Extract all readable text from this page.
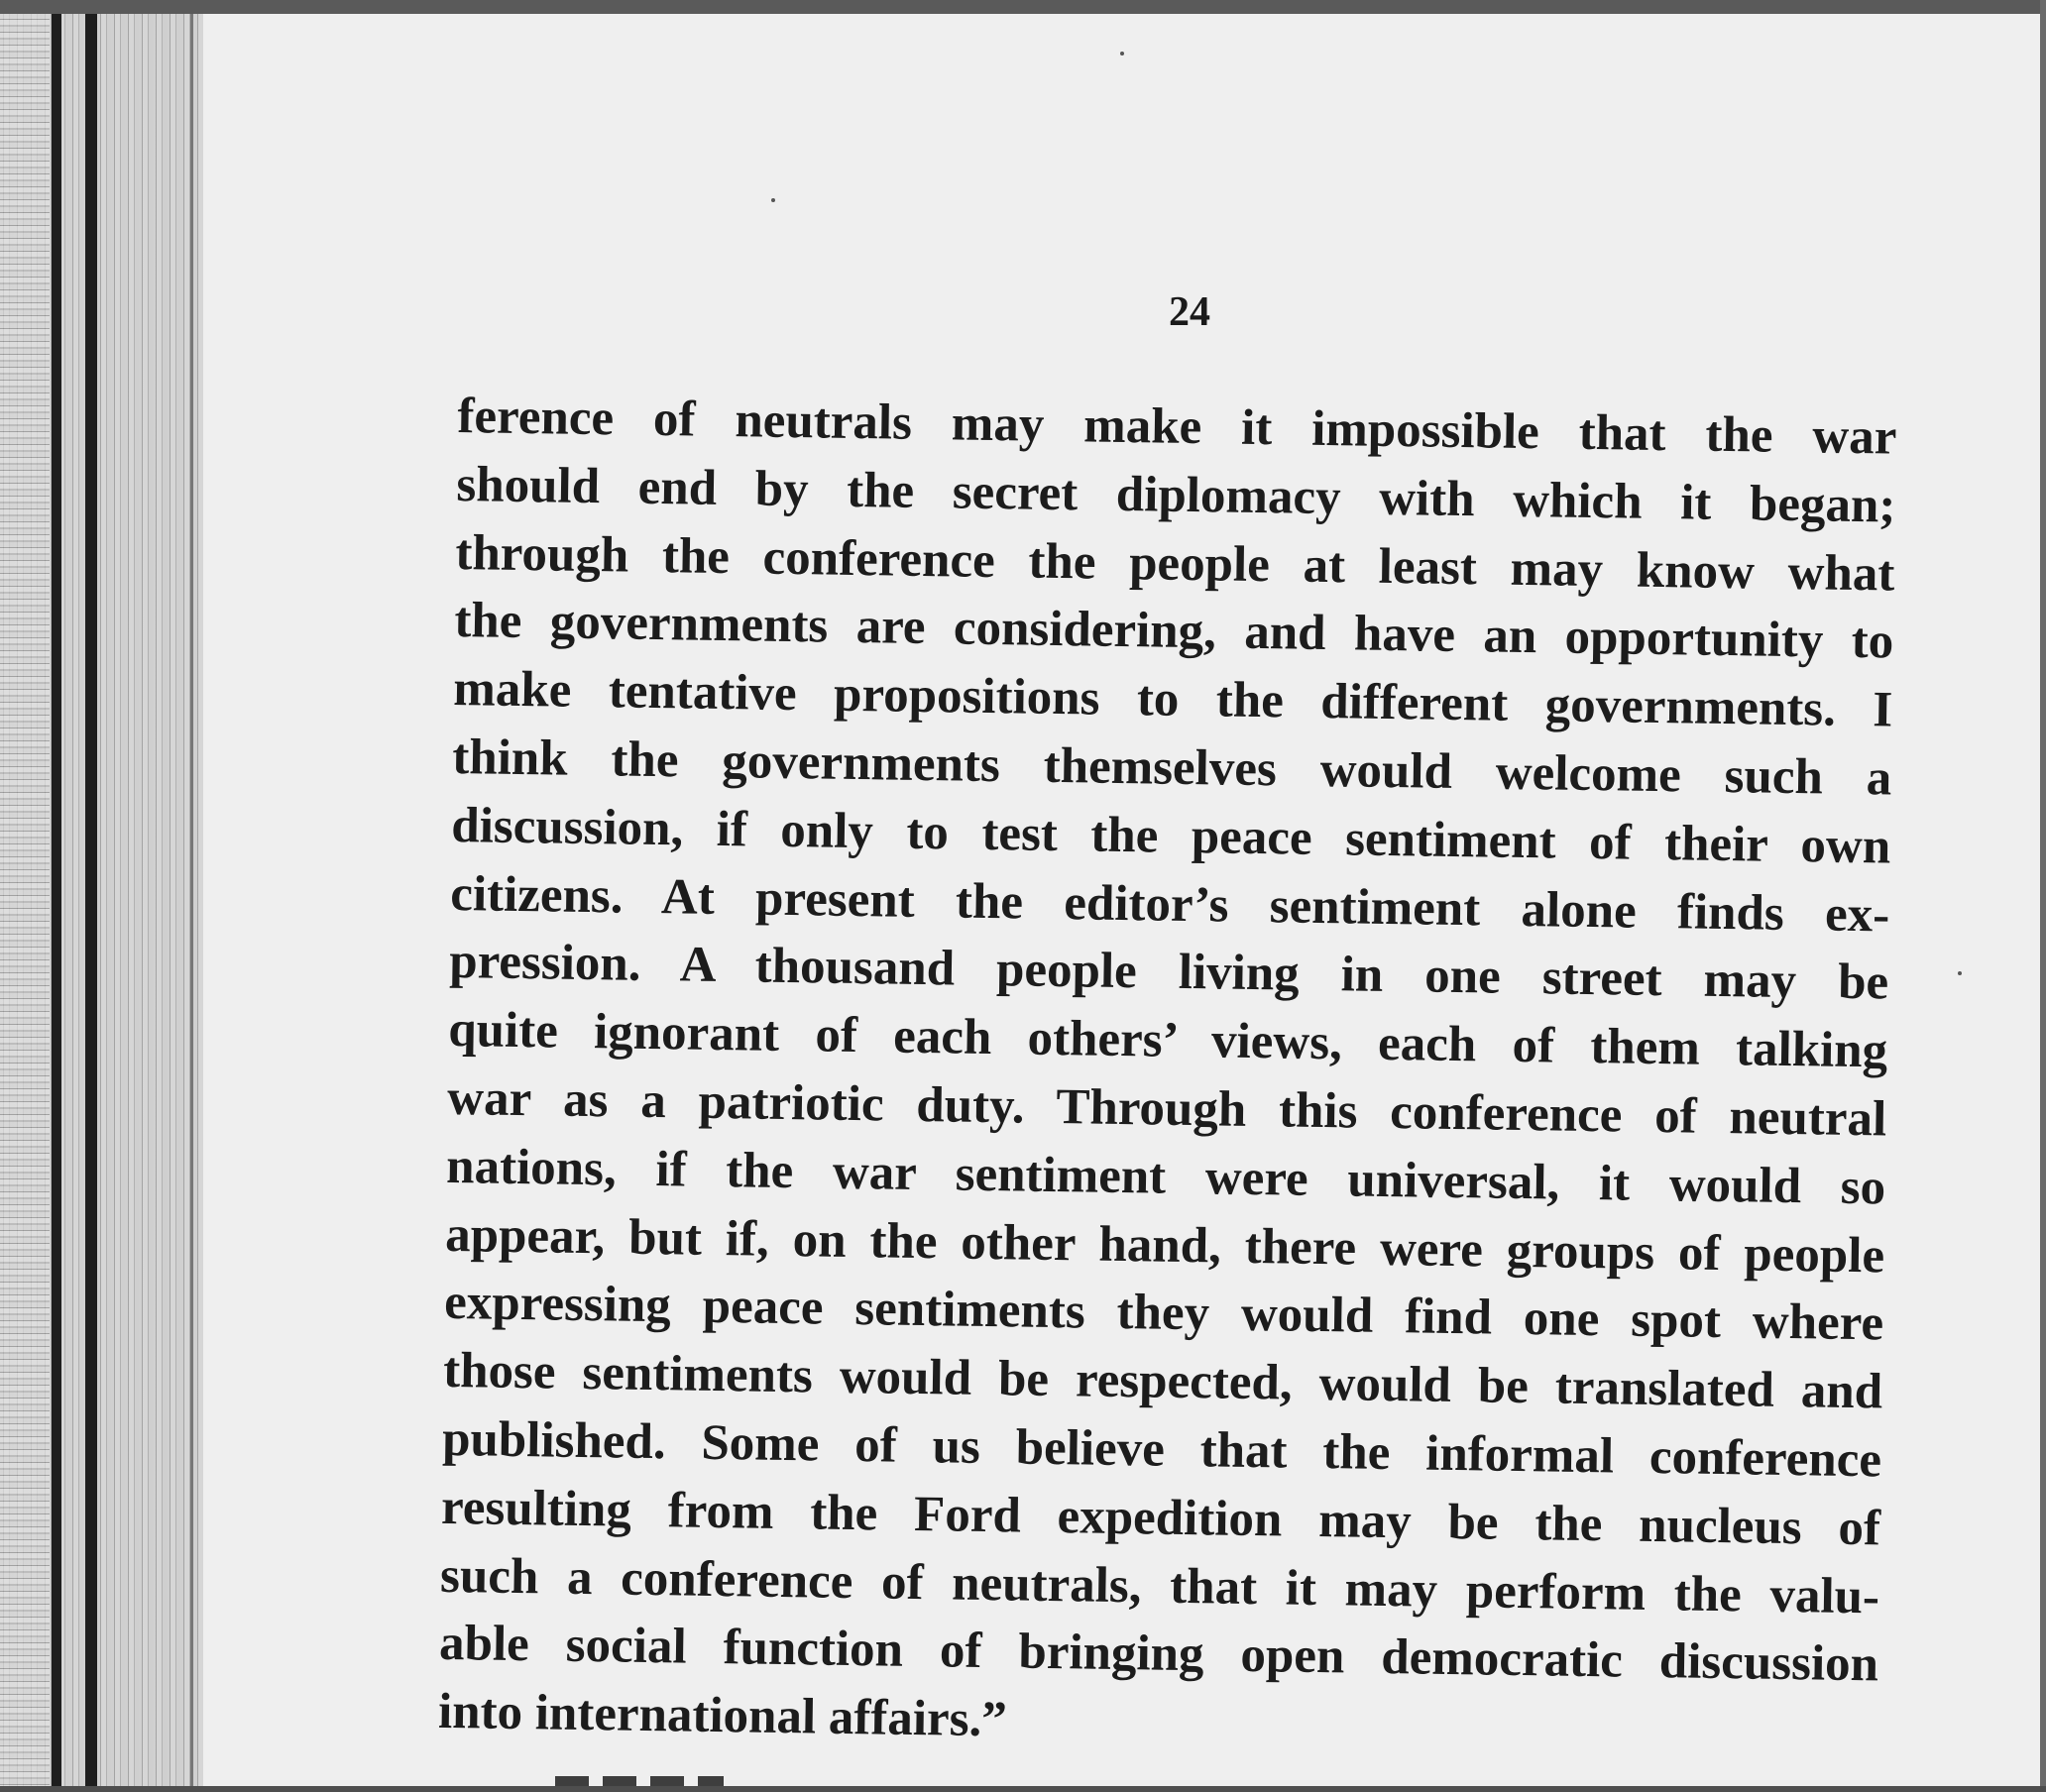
24
ference of neutrals may make it impossible that the war
should end by the secret diplomacy with which it began;
through the conference the people at least may know what
the governments are considering, and have an opportunity to
make tentative propositions to the different governments. I
think the governments themselves would welcome such a
discussion, if only to test the peace sentiment of their own
citizens. At present the editor’s sentiment alone finds ex-
pression. A thousand people living in one street may be
quite ignorant of each others’ views, each of them talking
war as a patriotic duty. Through this conference of neutral
nations, if the war sentiment were universal, it would so
appear, but if, on the other hand, there were groups of people
expressing peace sentiments they would find one spot where
those sentiments would be respected, would be translated and
published. Some of us believe that the informal conference
resulting from the Ford expedition may be the nucleus of
such a conference of neutrals, that it may perform the valu-
able social function of bringing open democratic discussion
into international affairs.”
